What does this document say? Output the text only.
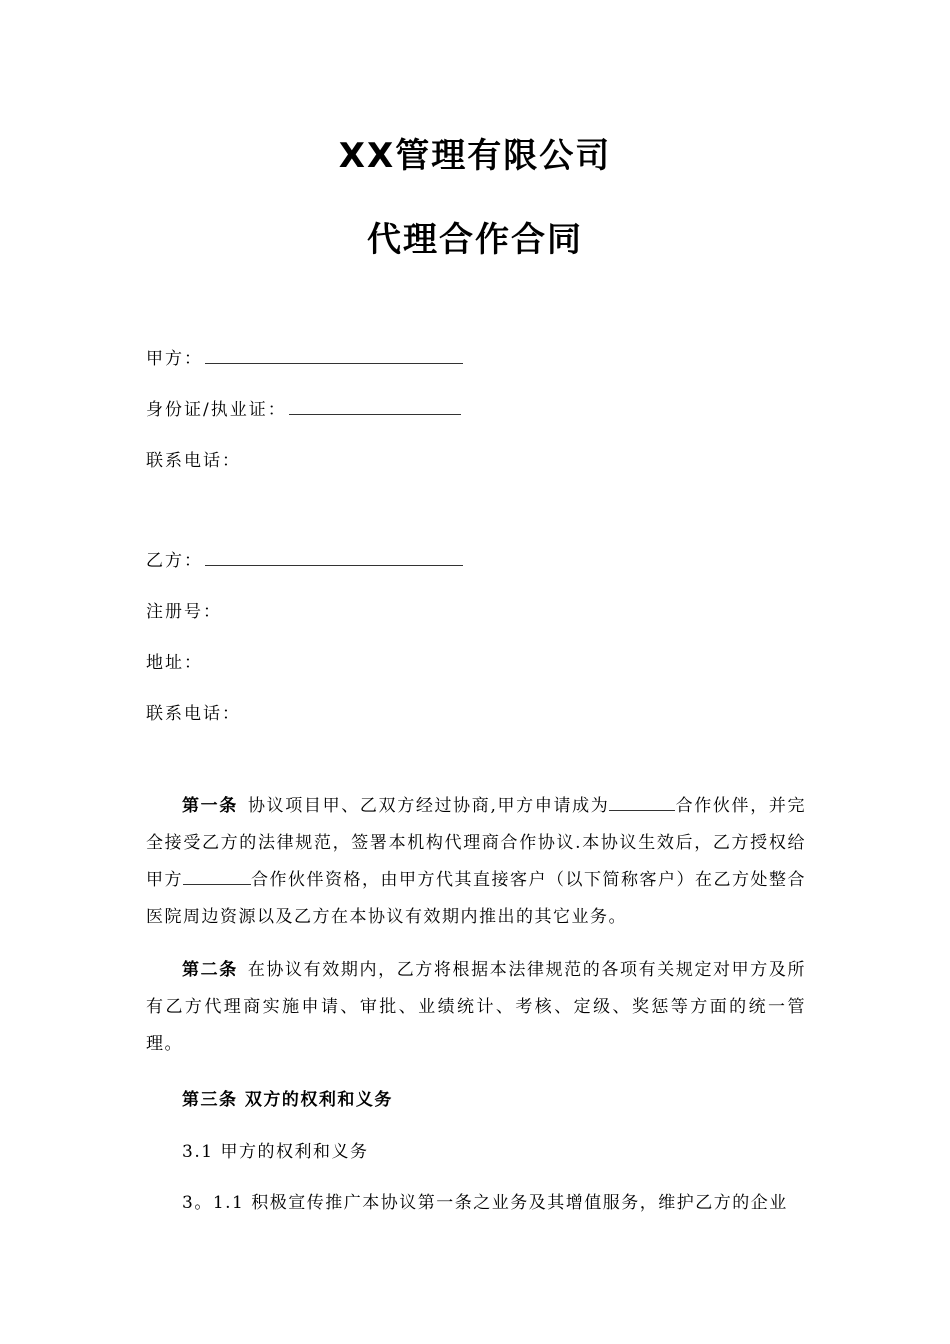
XX管理有限公司
代理合作合同
甲方：
身份证/执业证：
联系电话：
乙方：
注册号：
地址：
联系电话：
第一条 协议项目甲、乙双方经过协商,甲方申请成为	合作伙伴，并完全接受乙方的法律规范，签署本机构代理商合作协议.本协议生效后，乙方授权给甲方	合作伙伴资格，由甲方代其直接客户（以下简称客户）在乙方处整合医院周边资源以及乙方在本协议有效期内推出的其它业务。
第二条 在协议有效期内，乙方将根据本法律规范的各项有关规定对甲方及所有乙方代理商实施申请、审批、业绩统计、考核、定级、奖惩等方面的统一管理。
第三条 双方的权利和义务
3.1 甲方的权利和义务
3。1.1 积极宣传推广本协议第一条之业务及其增值服务，维护乙方的企业
